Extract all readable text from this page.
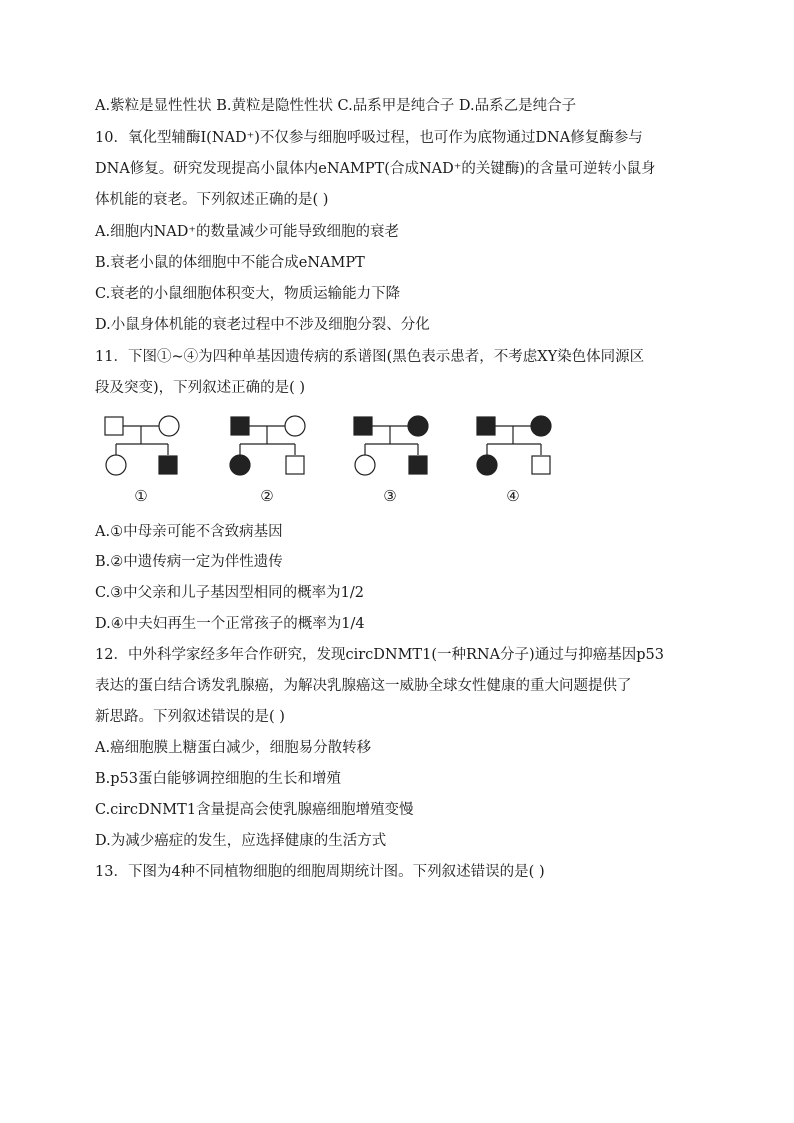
A.紫粒是显性性状 B.黄粒是隐性性状 C.品系甲是纯合子 D.品系乙是纯合子
10．氧化型辅酶Ⅰ(NAD⁺)不仅参与细胞呼吸过程，也可作为底物通过DNA修复酶参与
DNA修复。研究发现提高小鼠体内eNAMPT(合成NAD⁺的关键酶)的含量可逆转小鼠身
体机能的衰老。下列叙述正确的是( )
A.细胞内NAD⁺的数量减少可能导致细胞的衰老
B.衰老小鼠的体细胞中不能合成eNAMPT
C.衰老的小鼠细胞体积变大，物质运输能力下降
D.小鼠身体机能的衰老过程中不涉及细胞分裂、分化
11．下图①~④为四种单基因遗传病的系谱图(黑色表示患者，不考虑XY染色体同源区
段及突变)，下列叙述正确的是( )
①	②	③	④
A.①中母亲可能不含致病基因
B.②中遗传病一定为伴性遗传
C.③中父亲和儿子基因型相同的概率为1/2
D.④中夫妇再生一个正常孩子的概率为1/4
12．中外科学家经多年合作研究，发现circDNMT1(一种RNA分子)通过与抑癌基因p53
表达的蛋白结合诱发乳腺癌，为解决乳腺癌这一威胁全球女性健康的重大问题提供了
新思路。下列叙述错误的是( )
A.癌细胞膜上糖蛋白减少，细胞易分散转移
B.p53蛋白能够调控细胞的生长和增殖
C.circDNMT1含量提高会使乳腺癌细胞增殖变慢
D.为减少癌症的发生，应选择健康的生活方式
13．下图为4种不同植物细胞的细胞周期统计图。下列叙述错误的是( )
